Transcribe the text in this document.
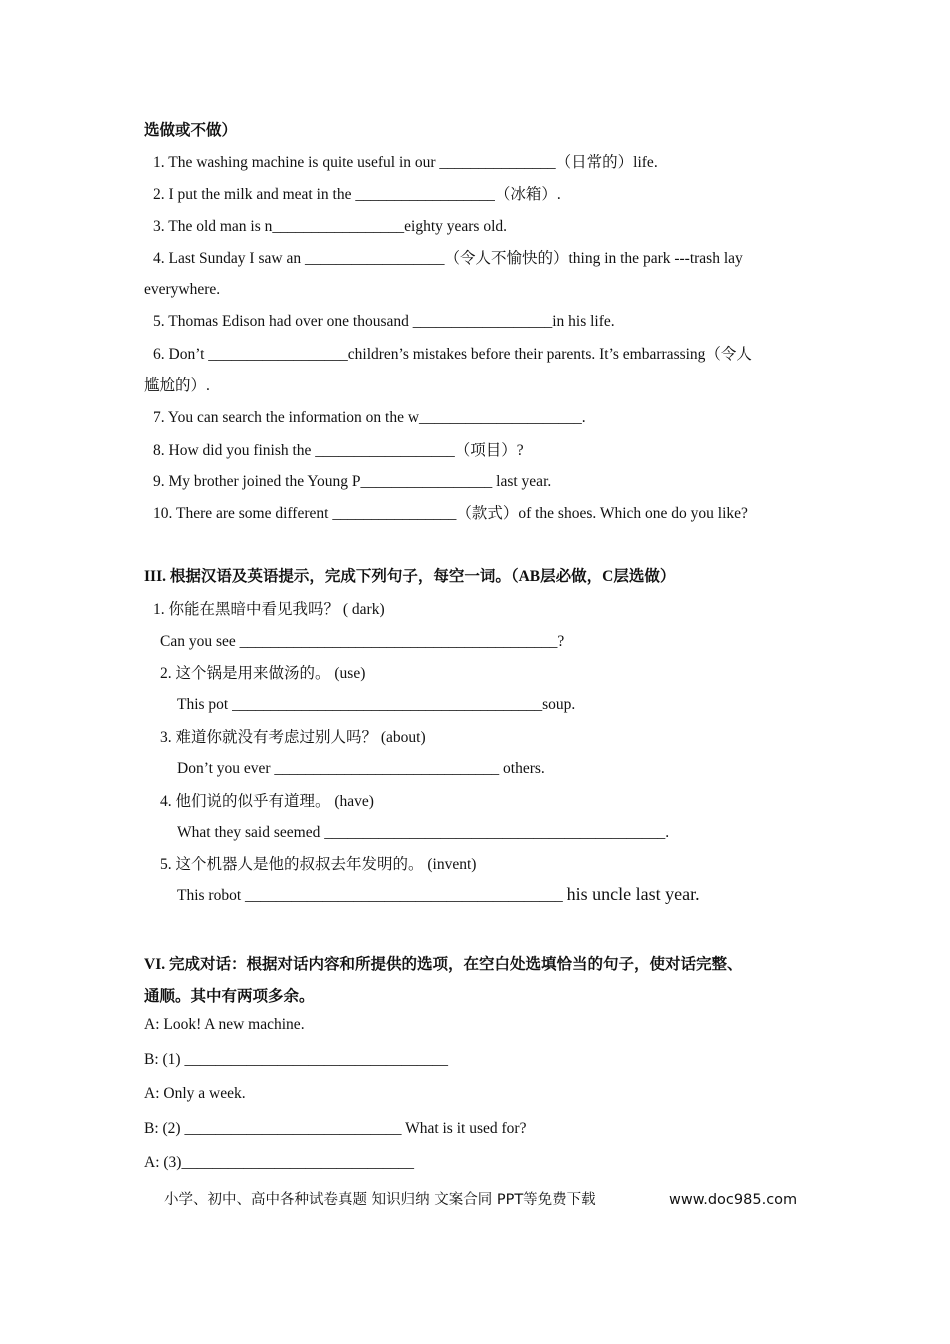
选做或不做）
1. The washing machine is quite useful in our _______________（日常的）life.
2. I put the milk and meat in the __________________（冰箱）.
3. The old man is n_________________eighty years old.
4. Last Sunday I saw an __________________（令人不愉快的）thing in the park ---trash lay
everywhere.
5. Thomas Edison had over one thousand __________________in his life.
6. Don’t __________________children’s mistakes before their parents. It’s embarrassing（令人
尴尬的）.
7. You can search the information on the w_____________________.
8. How did you finish the __________________（项目）?
9. My brother joined the Young P_________________ last year.
10. There are some different ________________（款式）of the shoes. Which one do you like?
III. 根据汉语及英语提示，完成下列句子，每空一词。（AB层必做，C层选做）
1. 你能在黑暗中看见我吗？ ( dark)
Can you see _________________________________________?
2. 这个锅是用来做汤的。 (use)
This pot ________________________________________soup.
3. 难道你就没有考虑过别人吗？ (about)
Don’t you ever _____________________________ others.
4. 他们说的似乎有道理。 (have)
What they said seemed ____________________________________________.
5. 这个机器人是他的叔叔去年发明的。 (invent)
This robot _________________________________________ his uncle last year.
VI. 完成对话：根据对话内容和所提供的选项，在空白处选填恰当的句子，使对话完整、
通顺。其中有两项多余。
A: Look! A new machine.
B: (1) __________________________________
A: Only a week.
B: (2) ____________________________ What is it used for?
A: (3)______________________________
小学、初中、高中各种试卷真题 知识归纳 文案合同 PPT等免费下载	www.doc985.com
